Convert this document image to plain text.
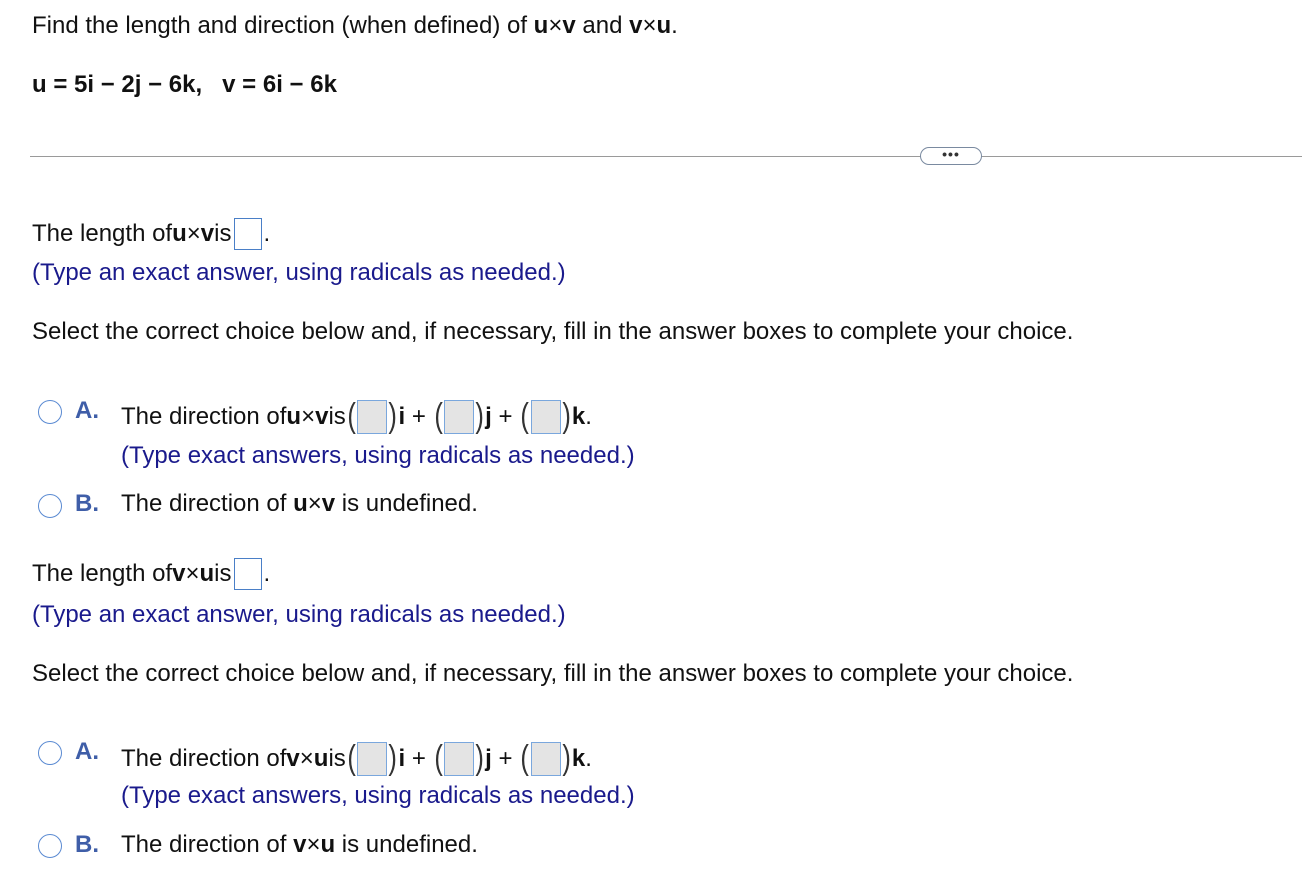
Find the length and direction (when defined) of u×v and v×u.
u = 5i − 2j − 6k, v = 6i − 6k
•••
The length of u × v is .
(Type an exact answer, using radicals as needed.)
Select the correct choice below and, if necessary, fill in the answer boxes to complete your choice.
A. The direction of u × v is ( ) i
+
( ) j
+
( ) k .
(Type exact answers, using radicals as needed.)
B. The direction of u×v is undefined.
The length of v × u is .
(Type an exact answer, using radicals as needed.)
Select the correct choice below and, if necessary, fill in the answer boxes to complete your choice.
A. The direction of v × u is ( ) i
+
( ) j
+
( ) k .
(Type exact answers, using radicals as needed.)
B. The direction of v×u is undefined.
